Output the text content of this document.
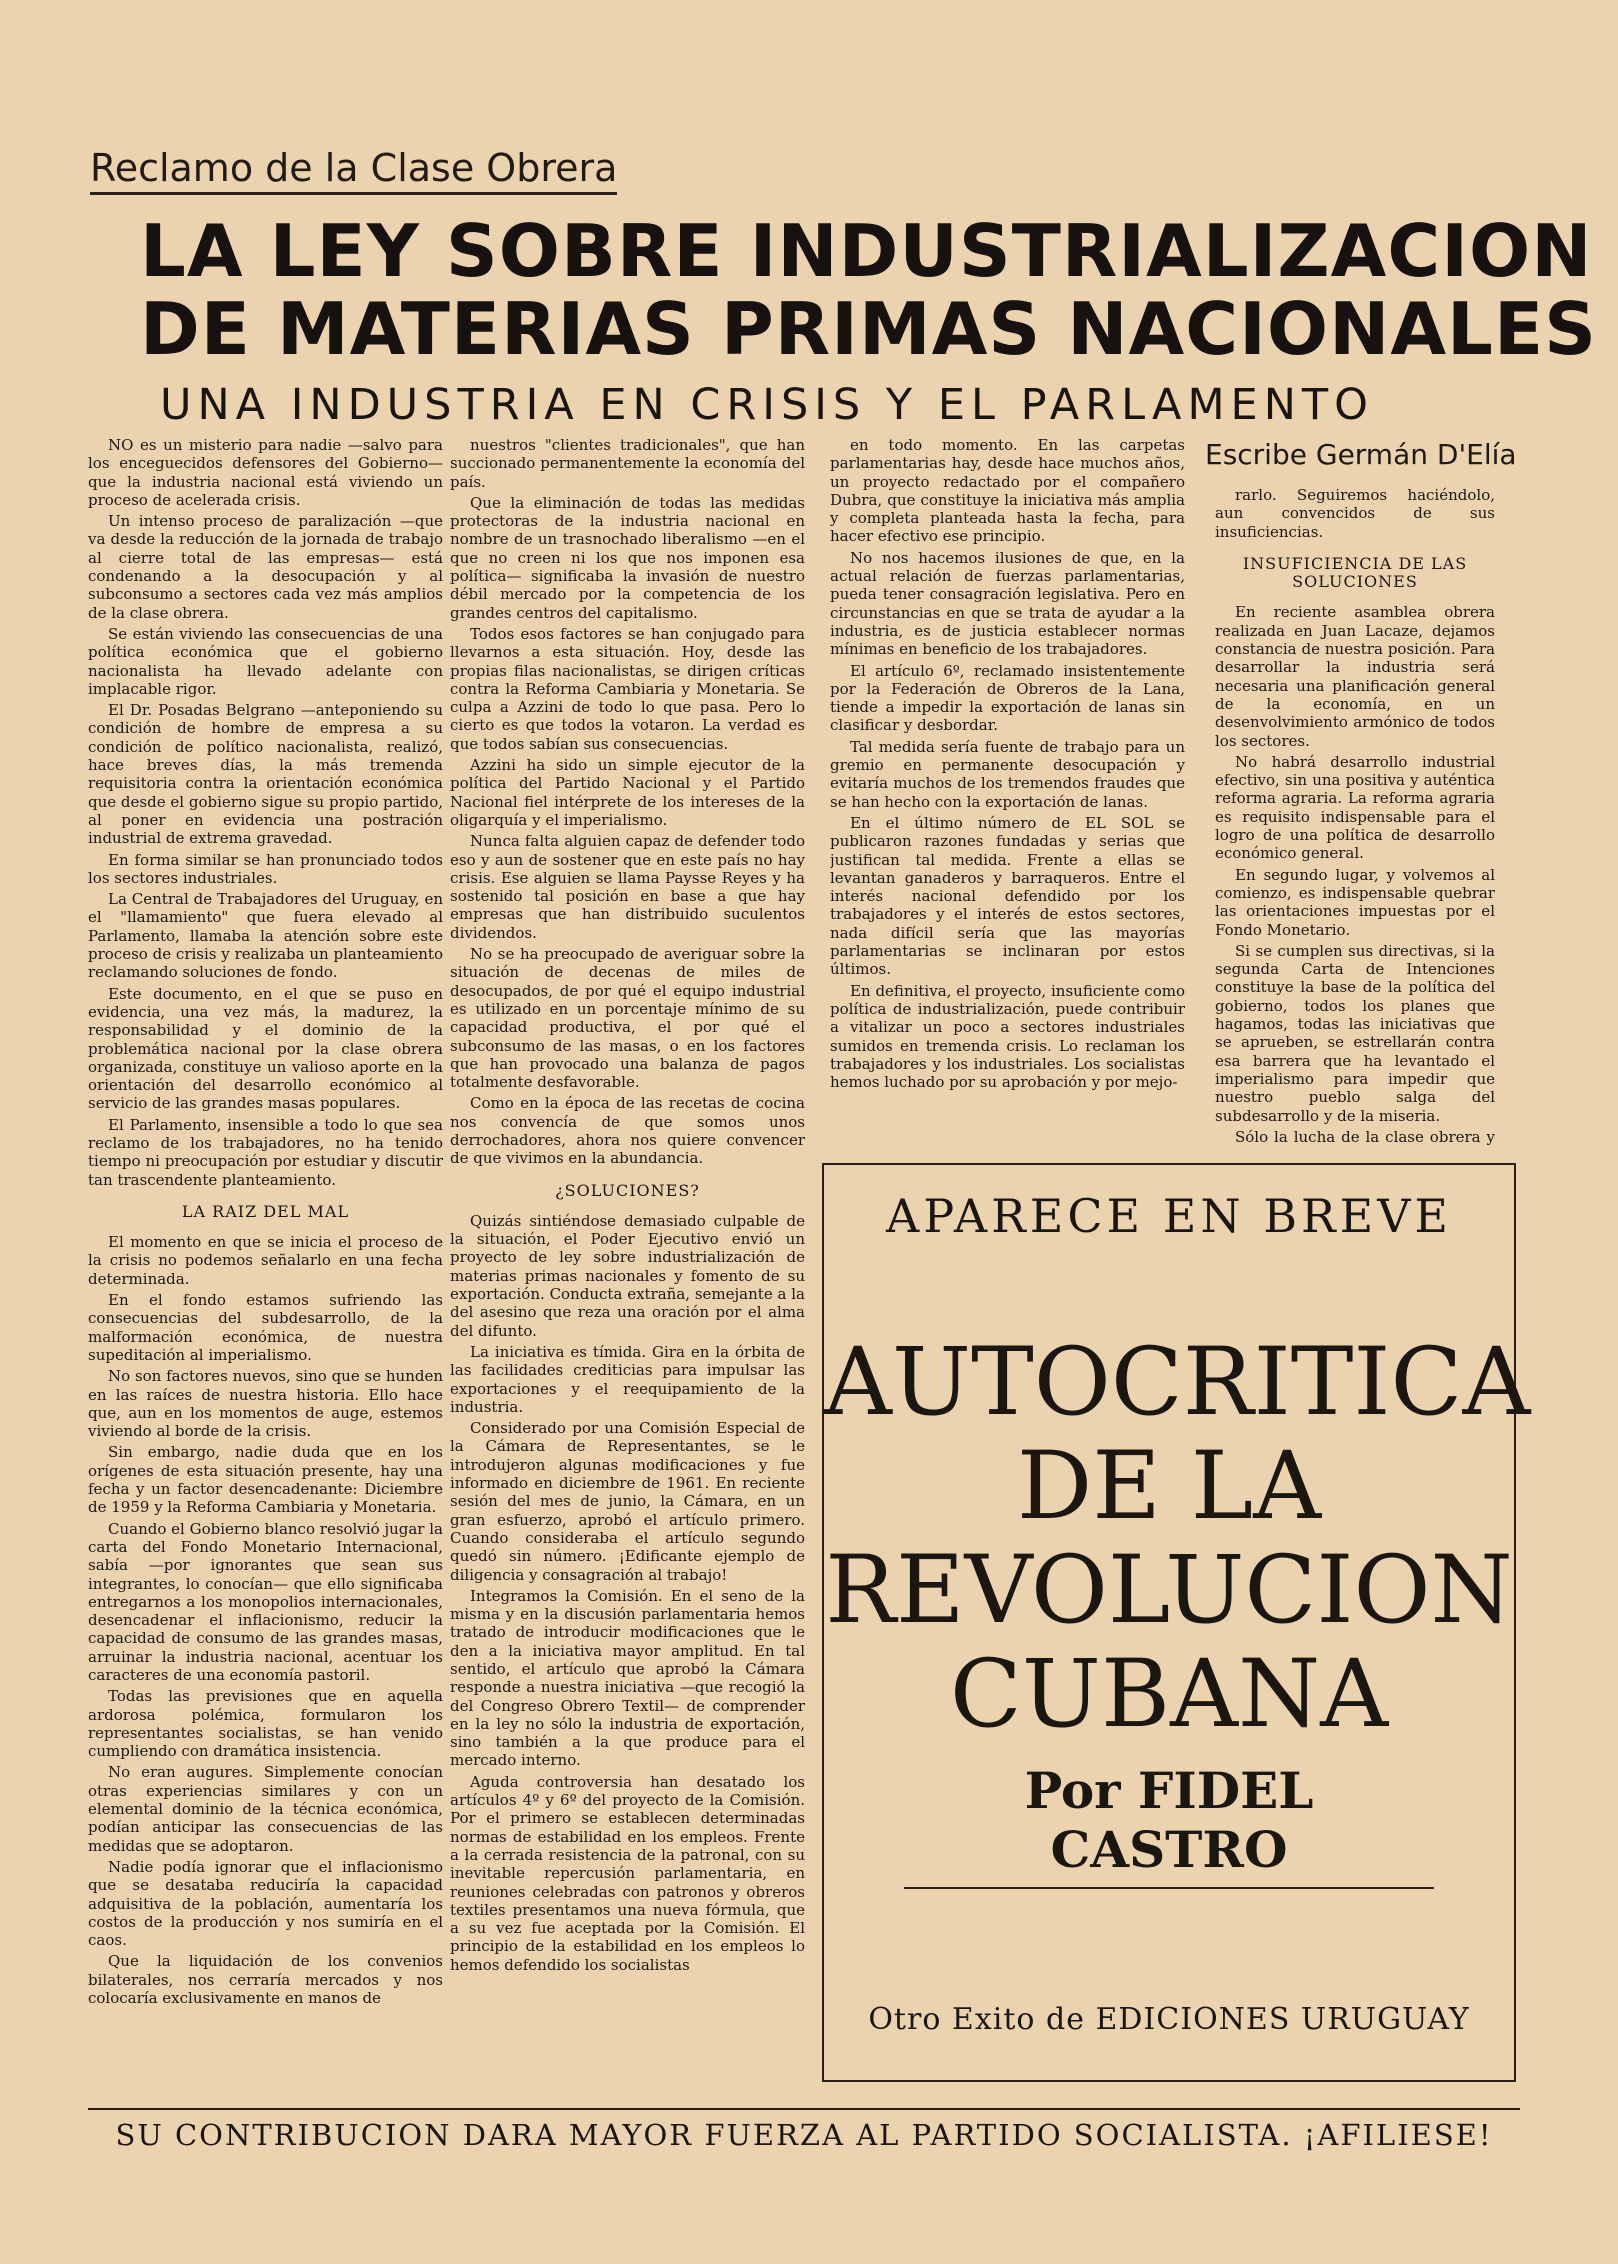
Reclamo de la Clase Obrera
LA LEY SOBRE INDUSTRIALIZACION
DE MATERIAS PRIMAS NACIONALES
UNA INDUSTRIA EN CRISIS Y EL PARLAMENTO
Escribe Germán D'Elía

NO es un misterio para nadie —salvo para los enceguecidos defensores del Gobierno— que la industria nacional está viviendo un proceso de acelerada crisis.

Un intenso proceso de paralización —que va desde la reducción de la jornada de trabajo al cierre total de las empresas— está condenando a la desocupación y al subconsumo a sectores cada vez más amplios de la clase obrera.

Se están viviendo las consecuencias de una política económica que el gobierno nacionalista ha llevado adelante con implacable rigor.

El Dr. Posadas Belgrano —anteponiendo su condición de hombre de empresa a su condición de político nacionalista, realizó, hace breves días, la más tremenda requisitoria contra la orientación económica que desde el gobierno sigue su propio partido, al poner en evidencia una postración industrial de extrema gravedad.

En forma similar se han pronunciado todos los sectores industriales.

La Central de Trabajadores del Uruguay, en el "llamamiento" que fuera elevado al Parlamento, llamaba la atención sobre este proceso de crisis y realizaba un planteamiento reclamando soluciones de fondo.

Este documento, en el que se puso en evidencia, una vez más, la madurez, la responsabilidad y el dominio de la problemática nacional por la clase obrera organizada, constituye un valioso aporte en la orientación del desarrollo económico al servicio de las grandes masas populares.

El Parlamento, insensible a todo lo que sea reclamo de los trabajadores, no ha tenido tiempo ni preocupación por estudiar y discutir tan trascendente planteamiento.

LA RAIZ DEL MAL

El momento en que se inicia el proceso de la crisis no podemos señalarlo en una fecha determinada.

En el fondo estamos sufriendo las consecuencias del subdesarrollo, de la malformación económica, de nuestra supeditación al imperialismo.

No son factores nuevos, sino que se hunden en las raíces de nuestra historia. Ello hace que, aun en los momentos de auge, estemos viviendo al borde de la crisis.

Sin embargo, nadie duda que en los orígenes de esta situación presente, hay una fecha y un factor desencadenante: Diciembre de 1959 y la Reforma Cambiaria y Monetaria.

Cuando el Gobierno blanco resolvió jugar la carta del Fondo Monetario Internacional, sabía —por ignorantes que sean sus integrantes, lo conocían— que ello significaba entregarnos a los monopolios internacionales, desencadenar el inflacionismo, reducir la capacidad de consumo de las grandes masas, arruinar la industria nacional, acentuar los caracteres de una economía pastoril.

Todas las previsiones que en aquella ardorosa polémica, formularon los representantes socialistas, se han venido cumpliendo con dramática insistencia.

No eran augures. Simplemente conocían otras experiencias similares y con un elemental dominio de la técnica económica, podían anticipar las consecuencias de las medidas que se adoptaron.

Nadie podía ignorar que el inflacionismo que se desataba reduciría la capacidad adquisitiva de la población, aumentaría los costos de la producción y nos sumiría en el caos.

Que la liquidación de los convenios bilaterales, nos cerraría mercados y nos colocaría exclusivamente en manos de

nuestros "clientes tradicionales", que han succionado permanentemente la economía del país.

Que la eliminación de todas las medidas protectoras de la industria nacional en nombre de un trasnochado liberalismo —en el que no creen ni los que nos imponen esa política— significaba la invasión de nuestro débil mercado por la competencia de los grandes centros del capitalismo.

Todos esos factores se han conjugado para llevarnos a esta situación. Hoy, desde las propias filas nacionalistas, se dirigen críticas contra la Reforma Cambiaria y Monetaria. Se culpa a Azzini de todo lo que pasa. Pero lo cierto es que todos la votaron. La verdad es que todos sabían sus consecuencias.

Azzini ha sido un simple ejecutor de la política del Partido Nacional y el Partido Nacional fiel intérprete de los intereses de la oligarquía y el imperialismo.

Nunca falta alguien capaz de defender todo eso y aun de sostener que en este país no hay crisis. Ese alguien se llama Paysse Reyes y ha sostenido tal posición en base a que hay empresas que han distribuido suculentos dividendos.

No se ha preocupado de averiguar sobre la situación de decenas de miles de desocupados, de por qué el equipo industrial es utilizado en un porcentaje mínimo de su capacidad productiva, el por qué el subconsumo de las masas, o en los factores que han provocado una balanza de pagos totalmente desfavorable.

Como en la época de las recetas de cocina nos convencía de que somos unos derrochadores, ahora nos quiere convencer de que vivimos en la abundancia.

¿SOLUCIONES?

Quizás sintiéndose demasiado culpable de la situación, el Poder Ejecutivo envió un proyecto de ley sobre industrialización de materias primas nacionales y fomento de su exportación. Conducta extraña, semejante a la del asesino que reza una oración por el alma del difunto.

La iniciativa es tímida. Gira en la órbita de las facilidades crediticias para impulsar las exportaciones y el reequipamiento de la industria.

Considerado por una Comisión Especial de la Cámara de Representantes, se le introdujeron algunas modificaciones y fue informado en diciembre de 1961. En reciente sesión del mes de junio, la Cámara, en un gran esfuerzo, aprobó el artículo primero. Cuando consideraba el artículo segundo quedó sin número. ¡Edificante ejemplo de diligencia y consagración al trabajo!

Integramos la Comisión. En el seno de la misma y en la discusión parlamentaria hemos tratado de introducir modificaciones que le den a la iniciativa mayor amplitud. En tal sentido, el artículo que aprobó la Cámara responde a nuestra iniciativa —que recogió la del Congreso Obrero Textil— de comprender en la ley no sólo la industria de exportación, sino también a la que produce para el mercado interno.

Aguda controversia han desatado los artículos 4º y 6º del proyecto de la Comisión. Por el primero se establecen determinadas normas de estabilidad en los empleos. Frente a la cerrada resistencia de la patronal, con su inevitable repercusión parlamentaria, en reuniones celebradas con patronos y obreros textiles presentamos una nueva fórmula, que a su vez fue aceptada por la Comisión. El principio de la estabilidad en los empleos lo hemos defendido los socialistas

en todo momento. En las carpetas parlamentarias hay, desde hace muchos años, un proyecto redactado por el compañero Dubra, que constituye la iniciativa más amplia y completa planteada hasta la fecha, para hacer efectivo ese principio.

No nos hacemos ilusiones de que, en la actual relación de fuerzas parlamentarias, pueda tener consagración legislativa. Pero en circunstancias en que se trata de ayudar a la industria, es de justicia establecer normas mínimas en beneficio de los trabajadores.

El artículo 6º, reclamado insistentemente por la Federación de Obreros de la Lana, tiende a impedir la exportación de lanas sin clasificar y desbordar.

Tal medida sería fuente de trabajo para un gremio en permanente desocupación y evitaría muchos de los tremendos fraudes que se han hecho con la exportación de lanas.

En el último número de EL SOL se publicaron razones fundadas y serias que justifican tal medida. Frente a ellas se levantan ganaderos y barraqueros. Entre el interés nacional defendido por los trabajadores y el interés de estos sectores, nada difícil sería que las mayorías parlamentarias se inclinaran por estos últimos.

En definitiva, el proyecto, insuficiente como política de industrialización, puede contribuir a vitalizar un poco a sectores industriales sumidos en tremenda crisis. Lo reclaman los trabajadores y los industriales. Los socialistas hemos luchado por su aprobación y por mejo-

rarlo. Seguiremos haciéndolo, aun convencidos de sus insuficiencias.

INSUFICIENCIA DE LAS SOLUCIONES

En reciente asamblea obrera realizada en Juan Lacaze, dejamos constancia de nuestra posición. Para desarrollar la industria será necesaria una planificación general de la economía, en un desenvolvimiento armónico de todos los sectores.

No habrá desarrollo industrial efectivo, sin una positiva y auténtica reforma agraria. La reforma agraria es requisito indispensable para el logro de una política de desarrollo económico general.

En segundo lugar, y volvemos al comienzo, es indispensable quebrar las orientaciones impuestas por el Fondo Monetario.

Si se cumplen sus directivas, si la segunda Carta de Intenciones constituye la base de la política del gobierno, todos los planes que hagamos, todas las iniciativas que se aprueben, se estrellarán contra esa barrera que ha levantado el imperialismo para impedir que nuestro pueblo salga del subdesarrollo y de la miseria.

Sólo la lucha de la clase obrera y

APARECE EN BREVE
AUTOCRITICA
DE LA
REVOLUCION
CUBANA
Por FIDEL CASTRO
Otro Exito de EDICIONES URUGUAY
SU CONTRIBUCION DARA MAYOR FUERZA AL PARTIDO SOCIALISTA. ¡AFILIESE!
